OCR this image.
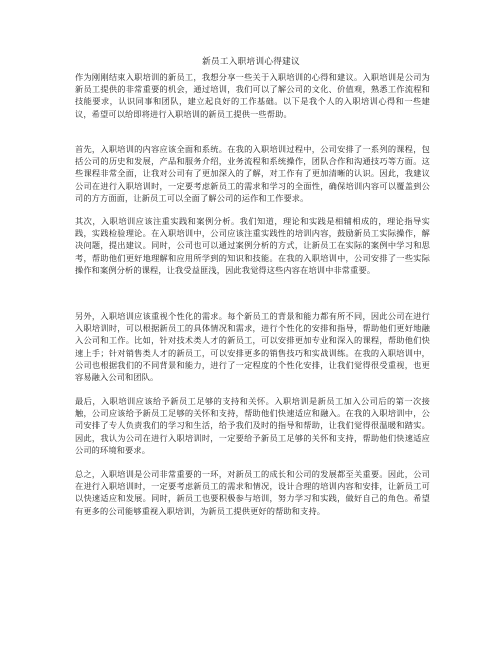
新员工入职培训心得建议

作为刚刚结束入职培训的新员工，我想分享一些关于入职培训的心得和建议。入职培训是公司为新员工提供的非常重要的机会，通过培训，我们可以了解公司的文化、价值观，熟悉工作流程和技能要求，认识同事和团队，建立起良好的工作基础。以下是我个人的入职培训心得和一些建议，希望可以给即将进行入职培训的新员工提供一些帮助。

首先，入职培训的内容应该全面和系统。在我的入职培训过程中，公司安排了一系列的课程，包括公司的历史和发展，产品和服务介绍，业务流程和系统操作，团队合作和沟通技巧等方面。这些课程非常全面，让我对公司有了更加深入的了解，对工作有了更加清晰的认识。因此，我建议公司在进行入职培训时，一定要考虑新员工的需求和学习的全面性，确保培训内容可以覆盖到公司的方方面面，让新员工可以全面了解公司的运作和工作要求。

其次，入职培训应该注重实践和案例分析。我们知道，理论和实践是相辅相成的，理论指导实践，实践检验理论。在入职培训中，公司应该注重实践性的培训内容，鼓励新员工实际操作，解决问题，提出建议。同时，公司也可以通过案例分析的方式，让新员工在实际的案例中学习和思考，帮助他们更好地理解和应用所学到的知识和技能。在我的入职培训中，公司安排了一些实际操作和案例分析的课程，让我受益匪浅，因此我觉得这些内容在培训中非常重要。

另外，入职培训应该重视个性化的需求。每个新员工的背景和能力都有所不同，因此公司在进行入职培训时，可以根据新员工的具体情况和需求，进行个性化的安排和指导，帮助他们更好地融入公司和工作。比如，针对技术类人才的新员工，可以安排更加专业和深入的课程，帮助他们快速上手；针对销售类人才的新员工，可以安排更多的销售技巧和实战训练。在我的入职培训中，公司也根据我们的不同背景和能力，进行了一定程度的个性化安排，让我们觉得很受重视，也更容易融入公司和团队。

最后，入职培训应该给予新员工足够的支持和关怀。入职培训是新员工加入公司后的第一次接触，公司应该给予新员工足够的关怀和支持，帮助他们快速适应和融入。在我的入职培训中，公司安排了专人负责我们的学习和生活，给予我们及时的指导和帮助，让我们觉得很温暖和踏实。因此，我认为公司在进行入职培训时，一定要给予新员工足够的关怀和支持，帮助他们快速适应公司的环境和要求。

总之，入职培训是公司非常重要的一环，对新员工的成长和公司的发展都至关重要。因此，公司在进行入职培训时，一定要考虑新员工的需求和情况，设计合理的培训内容和安排，让新员工可以快速适应和发展。同时，新员工也要积极参与培训，努力学习和实践，做好自己的角色。希望有更多的公司能够重视入职培训，为新员工提供更好的帮助和支持。
